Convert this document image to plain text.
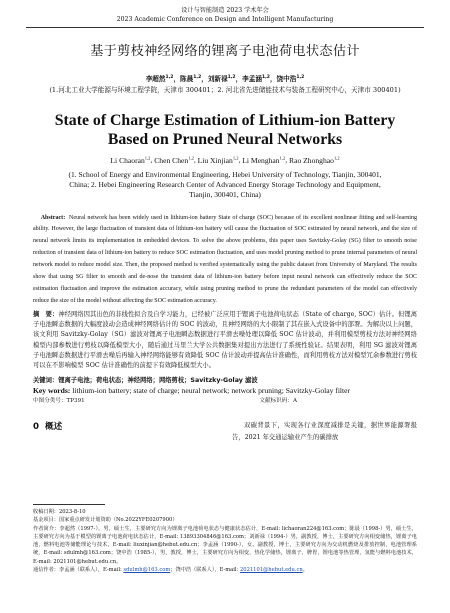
设计与智能制造 2023 学术年会
2023 Academic Conference on Design and Intelligent Manufacturing
基于剪枝神经网络的锂离子电池荷电状态估计
李超然$^{1,2}$，陈晨$^{1,2}$，刘新禄$^{1,2}$，李孟涵$^{1,2}$，饶中浩$^{1,2}$
(1.河北工业大学能源与环境工程学院，天津市 300401；2. 河北省先进储能技术与装备工程研究中心，天津市 300401)
State of Charge Estimation of Lithium-ion Battery
Based on Pruned Neural Networks
Li Chaoran$^{1,2}$, Chen Chen$^{1,2}$, Liu Xinjian$^{1,2}$, Li Menghan$^{1,2}$, Rao Zhonghao$^{1,2}$
(1. School of Energy and Environmental Engineering, Hebei University of Technology, Tianjin, 300401, China; 2. Hebei Engineering Research Center of Advanced Energy Storage Technology and Equipment, Tianjin, 300401, China)
Abstract: Neural network has been widely used in lithium-ion battery State of charge (SOC) because of its excellent nonlinear fitting and self-learning ability. However, the large fluctuation of transient data of lithium-ion battery will cause the fluctuation of SOC estimated by neural network, and the size of neural network limits its implementation in embedded devices. To solve the above problems, this paper uses Savitzky-Golay (SG) filter to smooth noise reduction of transient data of lithium-ion battery to reduce SOC estimation fluctuation, and uses model pruning method to prune internal parameters of neural network model to reduce model size. Then, the proposed method is verified systematically using the public dataset from University of Maryland. The results show that using SG filter to smooth and de-nose the transient data of lithium-ion battery before input neural network can effectively reduce the SOC estimation fluctuation and improve the estimation accuracy, while using pruning method to prune the redundant parameters of the model can effectively reduce the size of the model without affecting the SOC estimation accuracy.
摘　要：神经网络因其出色的非线性拟合及自学习能力，已经被广泛应用于锂离子电池荷电状态（State of charge, SOC）估计。但锂离子电池瞬态数据的大幅度波动会造成神经网络估计的 SOC 的波动，且神经网络的大小限制了其在嵌入式设备中的部署。为解决以上问题，该文利用 Savitzky-Golay（SG）滤波对锂离子电池瞬态数据进行平滑去噪处理以降低 SOC 估计波动，并利用模型剪枝方法对神经网络模型内部参数进行剪枝以降低模型大小，随后通过马里兰大学公共数据集对提出方法进行了系统性验证。结果表明，利用 SG 滤波对锂离子电池瞬态数据进行平滑去噪后再输入神经网络能够有效降低 SOC 估计波动并提高估计准确性，而利用剪枝方法对模型冗余参数进行剪枝可以在不影响模型 SOC 估计准确性的前提下有效降低模型大小。
关键词：锂离子电池；荷电状态；神经网络；网络剪枝；Savitzky-Golay 滤波
Key words: lithium-ion battery; state of charge; neural network; network pruning; Savitzky-Golay filter
中图分类号：TP391	文献标识码：A
0 概述	双碳背景下，实现各行业深度减排是关键，据世界能源署报告，2021 年交通运输业产生的碳排放
收稿日期：2023-8-10
基金项目：国家重点研发计划资助（No.2022YFE0207900）
作者简介：李超然（1997-），男，硕士生，主要研究方向为锂离子电池荷电状态与健康状态估计，E-mail: lichaoran224@163.com；陈晨（1998-）男，硕士生，主要研究方向为基于模型的锂离子电池荷电状态估计，E-mail: 13893304846@163.com；刘新禄（1994-）男，副教授，博士，主要研究方向相变储热，锂离子电池，燃料电池等储能理论与技术，E-mail: liuxinjian@hebut.edu.cn；李孟涵（1990-），女，副教授，博士，主要研究方向为交动机燃烧及排放控制，电池管理系统，E-mail: sdulmh@163.com；饶中浩（1985-），男，教授，博士，主要研究方向为相变、热化学储热，锂离子，脾胃，锂电池等热管理，氢能与燃料电池技术，E-mail: 2021101@hebut.edu.cn。
通信作者：李孟涵（联系人），E-mail: sdulmh@163.com；饶中浩（联系人），E-mail: 2021101@hebut.edu.cn。
